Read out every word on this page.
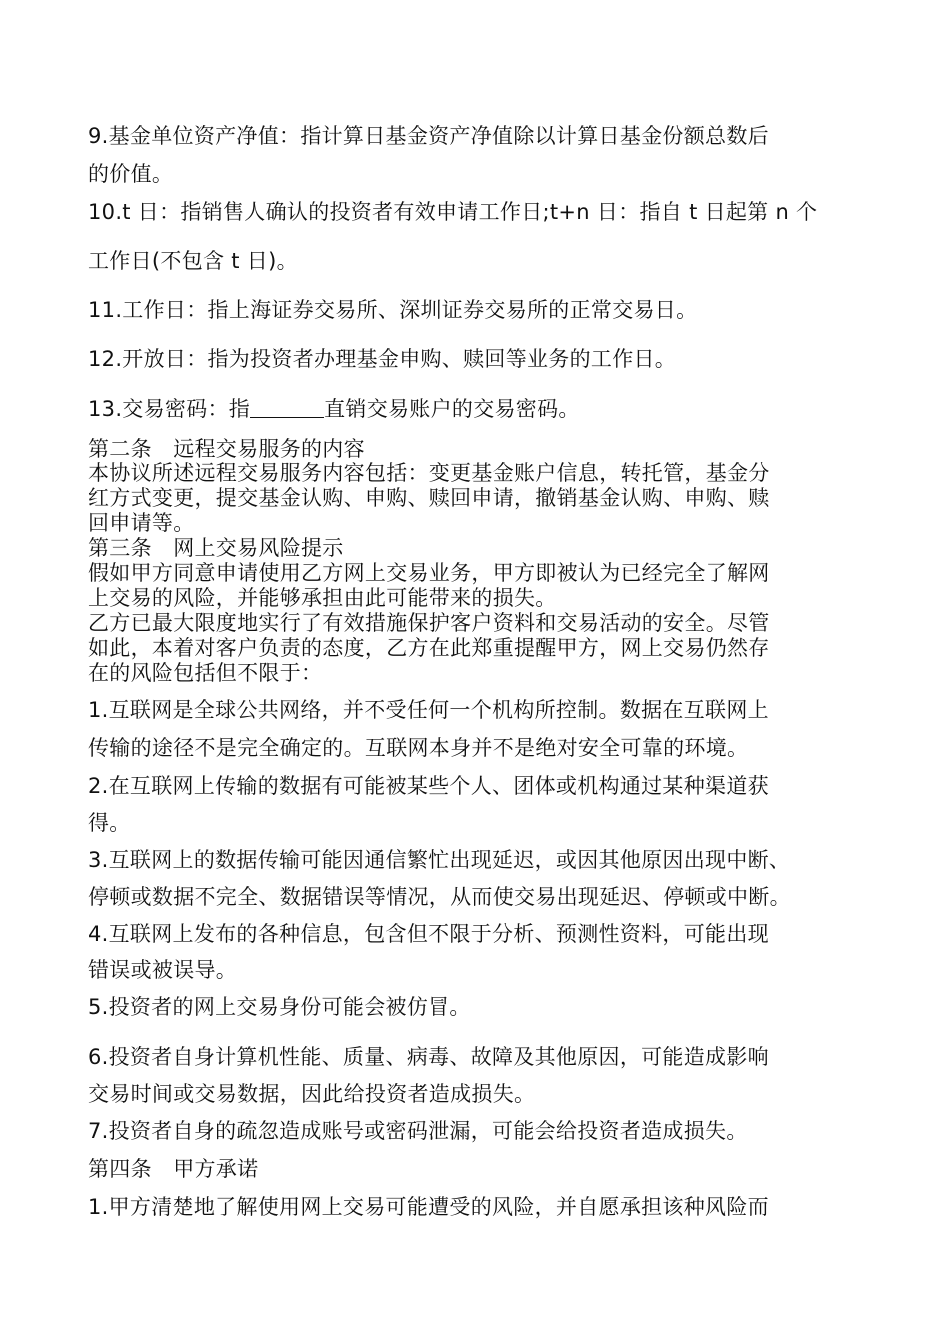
9.基金单位资产净值：指计算日基金资产净值除以计算日基金份额总数后
的价值。
10.t 日：指销售人确认的投资者有效申请工作日;t+n 日：指自 t 日起第 n 个
工作日(不包含 t 日)。
11.工作日：指上海证券交易所、深圳证券交易所的正常交易日。
12.开放日：指为投资者办理基金申购、赎回等业务的工作日。
13.交易密码：指	直销交易账户的交易密码。
第二条　远程交易服务的内容
本协议所述远程交易服务内容包括：变更基金账户信息，转托管，基金分
红方式变更，提交基金认购、申购、赎回申请，撤销基金认购、申购、赎
回申请等。
第三条　网上交易风险提示
假如甲方同意申请使用乙方网上交易业务，甲方即被认为已经完全了解网
上交易的风险，并能够承担由此可能带来的损失。
乙方已最大限度地实行了有效措施保护客户资料和交易活动的安全。尽管
如此，本着对客户负责的态度，乙方在此郑重提醒甲方，网上交易仍然存
在的风险包括但不限于：
1.互联网是全球公共网络，并不受任何一个机构所控制。数据在互联网上
传输的途径不是完全确定的。互联网本身并不是绝对安全可靠的环境。
2.在互联网上传输的数据有可能被某些个人、团体或机构通过某种渠道获
得。
3.互联网上的数据传输可能因通信繁忙出现延迟，或因其他原因出现中断、
停顿或数据不完全、数据错误等情况，从而使交易出现延迟、停顿或中断。
4.互联网上发布的各种信息，包含但不限于分析、预测性资料，可能出现
错误或被误导。
5.投资者的网上交易身份可能会被仿冒。
6.投资者自身计算机性能、质量、病毒、故障及其他原因，可能造成影响
交易时间或交易数据，因此给投资者造成损失。
7.投资者自身的疏忽造成账号或密码泄漏，可能会给投资者造成损失。
第四条　甲方承诺
1.甲方清楚地了解使用网上交易可能遭受的风险，并自愿承担该种风险而
